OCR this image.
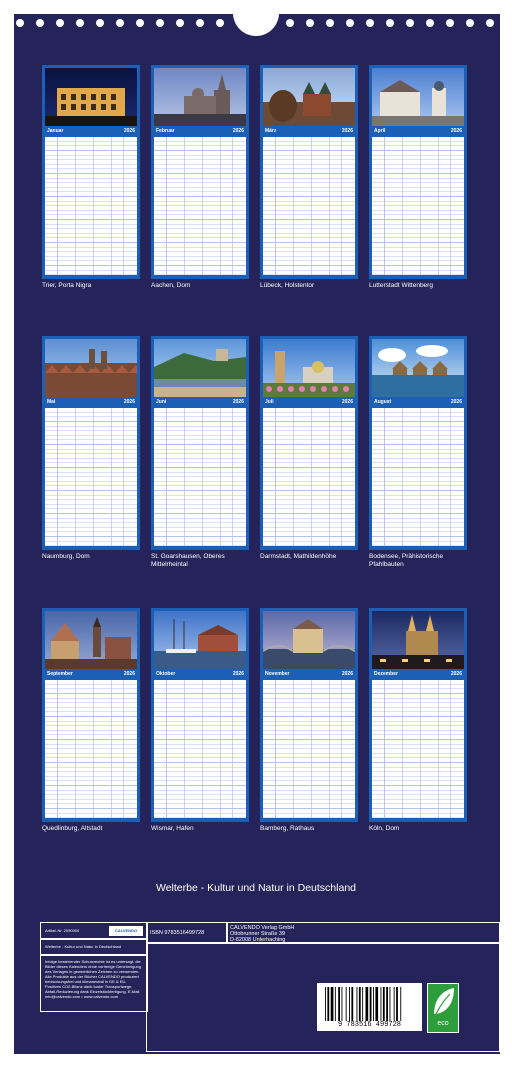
Januar	2026
Trier, Porta Nigra
Februar	2026
Aachen, Dom
März	2026
Lübeck, Holstentor
April	2026
Lutterstadt Wittenberg
Mai	2026
Naumburg, Dom
Juni	2026
St. Goarshausen, Oberes Mittelrheintal
Juli	2026
Darmstadt, Mathildenhöhe
August	2026
Bodensee, Prähistorische Pfahlbauten
September	2026
Quedlinburg, Altstadt
Oktober	2026
Wismar, Hafen
November	2026
Bamberg, Rathaus
Dezember	2026
Köln, Dom
Welterbe - Kultur und Natur in Deutschland
Artikel-Nr. 2090000	CALVENDO
Welterbe - Kultur und Natur in Deutschland
Infolge bestehender Schutzrechte ist es untersagt, die Bilder dieses Kalenders ohne vorherige Genehmigung des Verlages in gewerblichen Zeichen zu verwenden. Alle Produkte aus der Bücher CALVENDO produziert bedruckungsfrei und klimaneutral in DE & EU. Positives CO2-Bilanz dank tunter Transportwege, Abfall-Reduzierung dank Einzelstückfertigung. E-Mail: info@calvendo.com • www.calvendo.com
ISBN 9783516499728
CALVENDO Verlag GmbH
Ottobrunner Straße 39
D-82008 Unterhaching
9 783516 499728	eco
